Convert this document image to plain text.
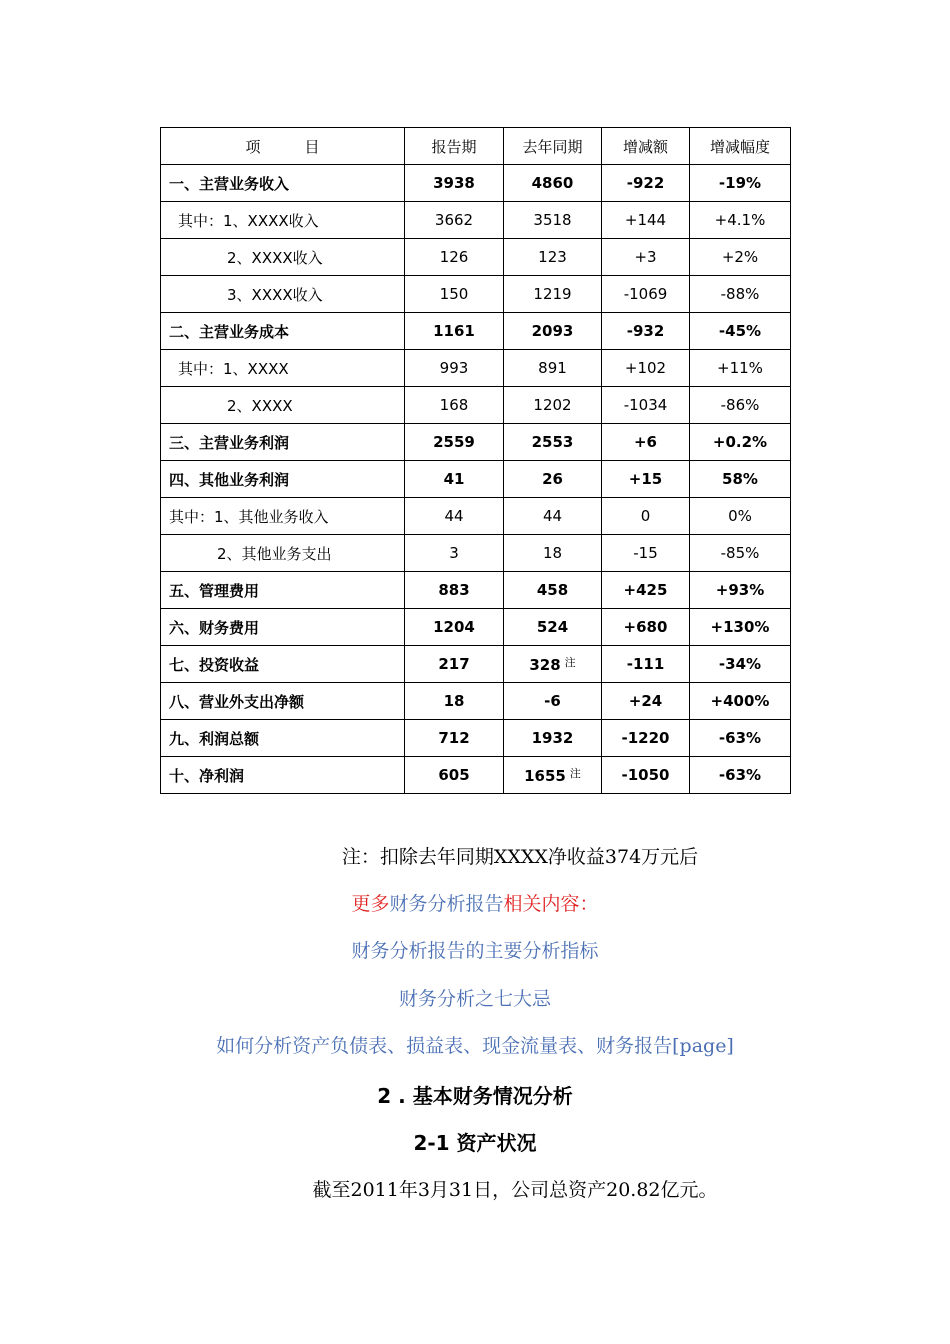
项 目	报告期	去年同期	增减额	增减幅度
一、主营业务收入	3938	4860	-922	-19%
其中：1、XXXX收入	3662	3518	+144	+4.1%
2、XXXX收入	126	123	+3	+2%
3、XXXX收入	150	1219	-1069	-88%
二、主营业务成本	1161	2093	-932	-45%
其中：1、XXXX	993	891	+102	+11%
2、XXXX	168	1202	-1034	-86%
三、主营业务利润	2559	2553	+6	+0.2%
四、其他业务利润	41	26	+15	58%
其中：1、其他业务收入	44	44	0	0%
2、其他业务支出	3	18	-15	-85%
五、管理费用	883	458	+425	+93%
六、财务费用	1204	524	+680	+130%
七、投资收益	217	328 $^注$	-111	-34%
八、营业外支出净额	18	-6	+24	+400%
九、利润总额	712	1932	-1220	-63%
十、净利润	605	1655 $^注$	-1050	-63%
注：扣除去年同期XXXX净收益374万元后
更多财务分析报告相关内容：
财务分析报告的主要分析指标
财务分析之七大忌
如何分析资产负债表、损益表、现金流量表、财务报告[page]
2 . 基本财务情况分析
2-1 资产状况
截至2011年3月31日，公司总资产20.82亿元。
